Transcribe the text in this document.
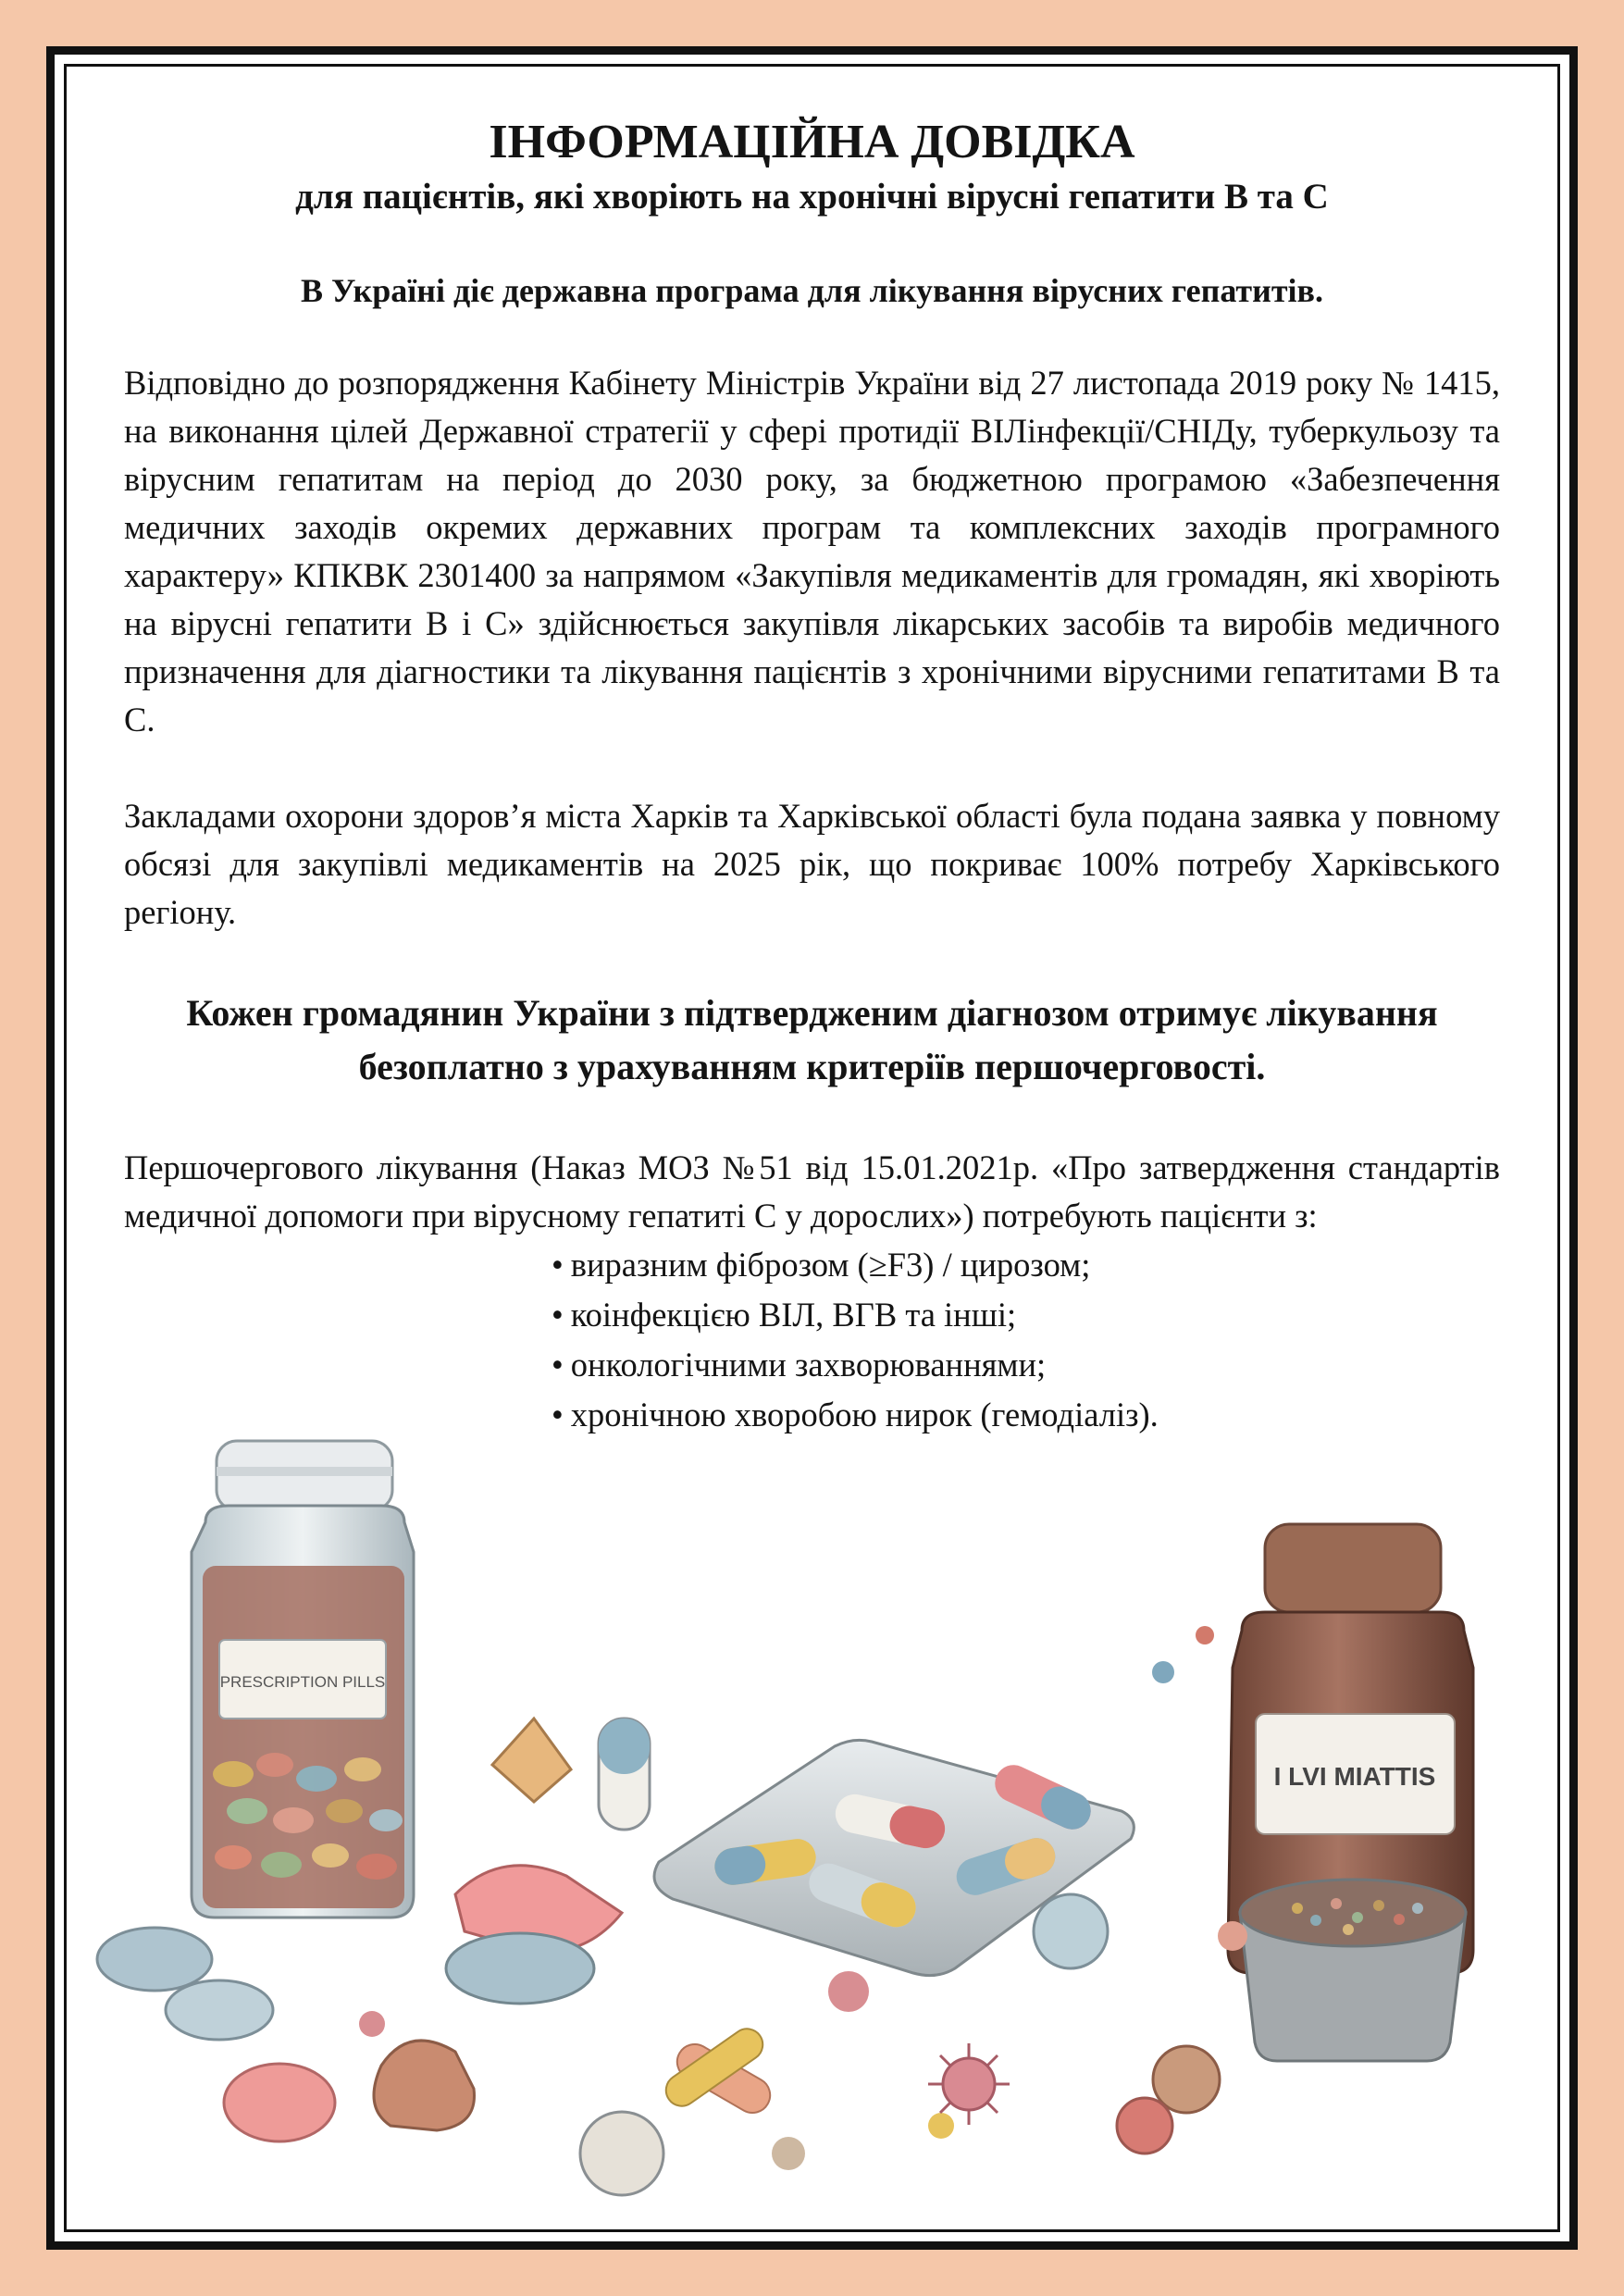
ІНФОРМАЦІЙНА ДОВІДКА
для пацієнтів, які хворіють на хронічні вірусні гепатити В та С
В Україні діє державна програма для лікування вірусних гепатитів.

Відповідно до розпорядження Кабінету Міністрів України від 27 листопада 2019 року № 1415, на виконання цілей Державної стратегії у сфері протидії ВІЛінфекції/СНІДу, туберкульозу та вірусним гепатитам на період до 2030 року, за бюджетною програмою «Забезпечення медичних заходів окремих державних програм та комплексних заходів програмного характеру» КПКВК 2301400 за напрямом «Закупівля медикаментів для громадян, які хворіють на вірусні гепатити В і С» здійснюється закупівля лікарських засобів та виробів медичного призначення для діагностики та лікування пацієнтів з хронічними вірусними гепатитами В та С.

Закладами охорони здоров’я міста Харків та Харківської області була подана заявка у повному обсязі для закупівлі медикаментів на 2025 рік, що покриває 100% потребу Харківського регіону.

Кожен громадянин України з підтвердженим діагнозом отримує лікування безоплатно з урахуванням критеріїв першочерговості.

Першочергового лікування (Наказ МОЗ №51 від 15.01.2021р. «Про затвердження стандартів медичної допомоги при вірусному гепатиті С у дорослих») потребують пацієнти з:

• виразним фіброзом (≥F3) / цирозом;
• коінфекцією ВІЛ, ВГВ та інші;
• онкологічними захворюваннями;
• хронічною хворобою нирок (гемодіаліз).
PRESCRIPTION PILLS
I LVI MIATTIS
